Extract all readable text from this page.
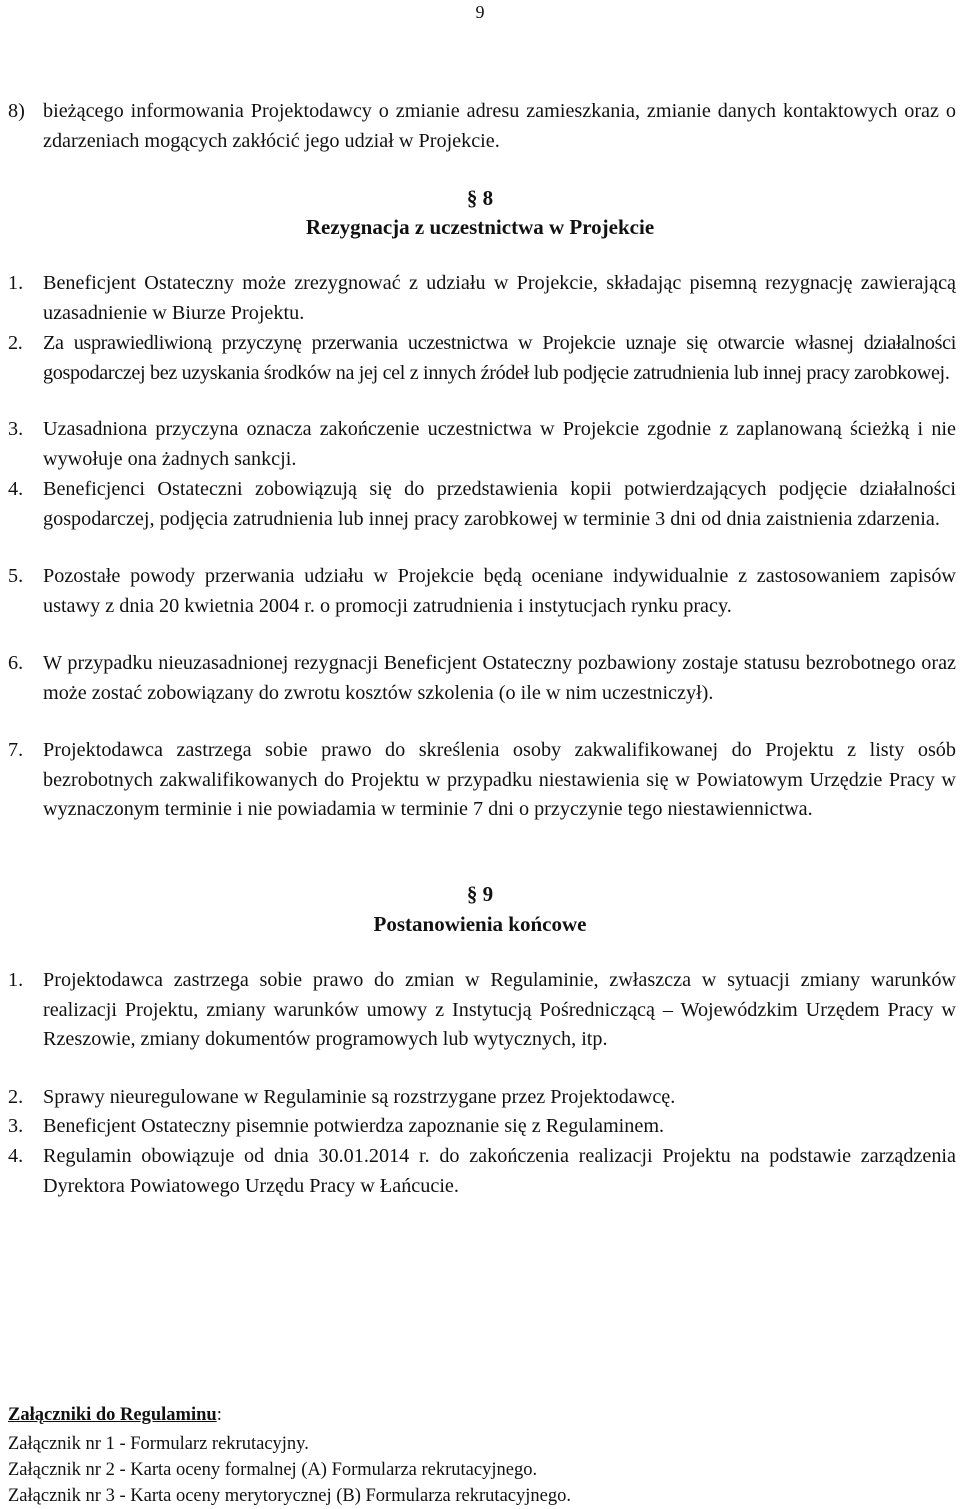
9
8) bieżącego informowania Projektodawcy o zmianie adresu zamieszkania, zmianie danych kontaktowych oraz o zdarzeniach mogących zakłócić jego udział w Projekcie.
§ 8
Rezygnacja z uczestnictwa w Projekcie
1. Beneficjent Ostateczny może zrezygnować z udziału w Projekcie, składając pisemną rezygnację zawierającą uzasadnienie w Biurze Projektu.
2. Za usprawiedliwioną przyczynę przerwania uczestnictwa w Projekcie uznaje się otwarcie własnej działalności gospodarczej bez uzyskania środków na jej cel z innych źródeł lub podjęcie zatrudnienia lub innej pracy zarobkowej.
3. Uzasadniona przyczyna oznacza zakończenie uczestnictwa w Projekcie zgodnie z zaplanowaną ścieżką i nie wywołuje ona żadnych sankcji.
4. Beneficjenci Ostateczni zobowiązują się do przedstawienia kopii potwierdzających podjęcie działalności gospodarczej, podjęcia zatrudnienia lub innej pracy zarobkowej w terminie 3 dni od dnia zaistnienia zdarzenia.
5. Pozostałe powody przerwania udziału w Projekcie będą oceniane indywidualnie z zastosowaniem zapisów ustawy z dnia 20 kwietnia 2004 r. o promocji zatrudnienia i instytucjach rynku pracy.
6. W przypadku nieuzasadnionej rezygnacji Beneficjent Ostateczny pozbawiony zostaje statusu bezrobotnego oraz może zostać zobowiązany do zwrotu kosztów szkolenia (o ile w nim uczestniczył).
7. Projektodawca zastrzega sobie prawo do skreślenia osoby zakwalifikowanej do Projektu z listy osób bezrobotnych zakwalifikowanych do Projektu w przypadku niestawienia się w Powiatowym Urzędzie Pracy w wyznaczonym terminie i nie powiadamia w terminie 7 dni o przyczynie tego niestawiennictwa.
§ 9
Postanowienia końcowe
1. Projektodawca zastrzega sobie prawo do zmian w Regulaminie, zwłaszcza w sytuacji zmiany warunków realizacji Projektu, zmiany warunków umowy z Instytucją Pośredniczącą – Wojewódzkim Urzędem Pracy w Rzeszowie, zmiany dokumentów programowych lub wytycznych, itp.
2. Sprawy nieuregulowane w Regulaminie są rozstrzygane przez Projektodawcę.
3. Beneficjent Ostateczny pisemnie potwierdza zapoznanie się z Regulaminem.
4. Regulamin obowiązuje od dnia 30.01.2014 r. do zakończenia realizacji Projektu na podstawie zarządzenia Dyrektora Powiatowego Urzędu Pracy w Łańcucie.
Załączniki do Regulaminu:
Załącznik nr 1 - Formularz rekrutacyjny.
Załącznik nr 2 - Karta oceny formalnej (A) Formularza rekrutacyjnego.
Załącznik nr 3 - Karta oceny merytorycznej (B) Formularza rekrutacyjnego.
